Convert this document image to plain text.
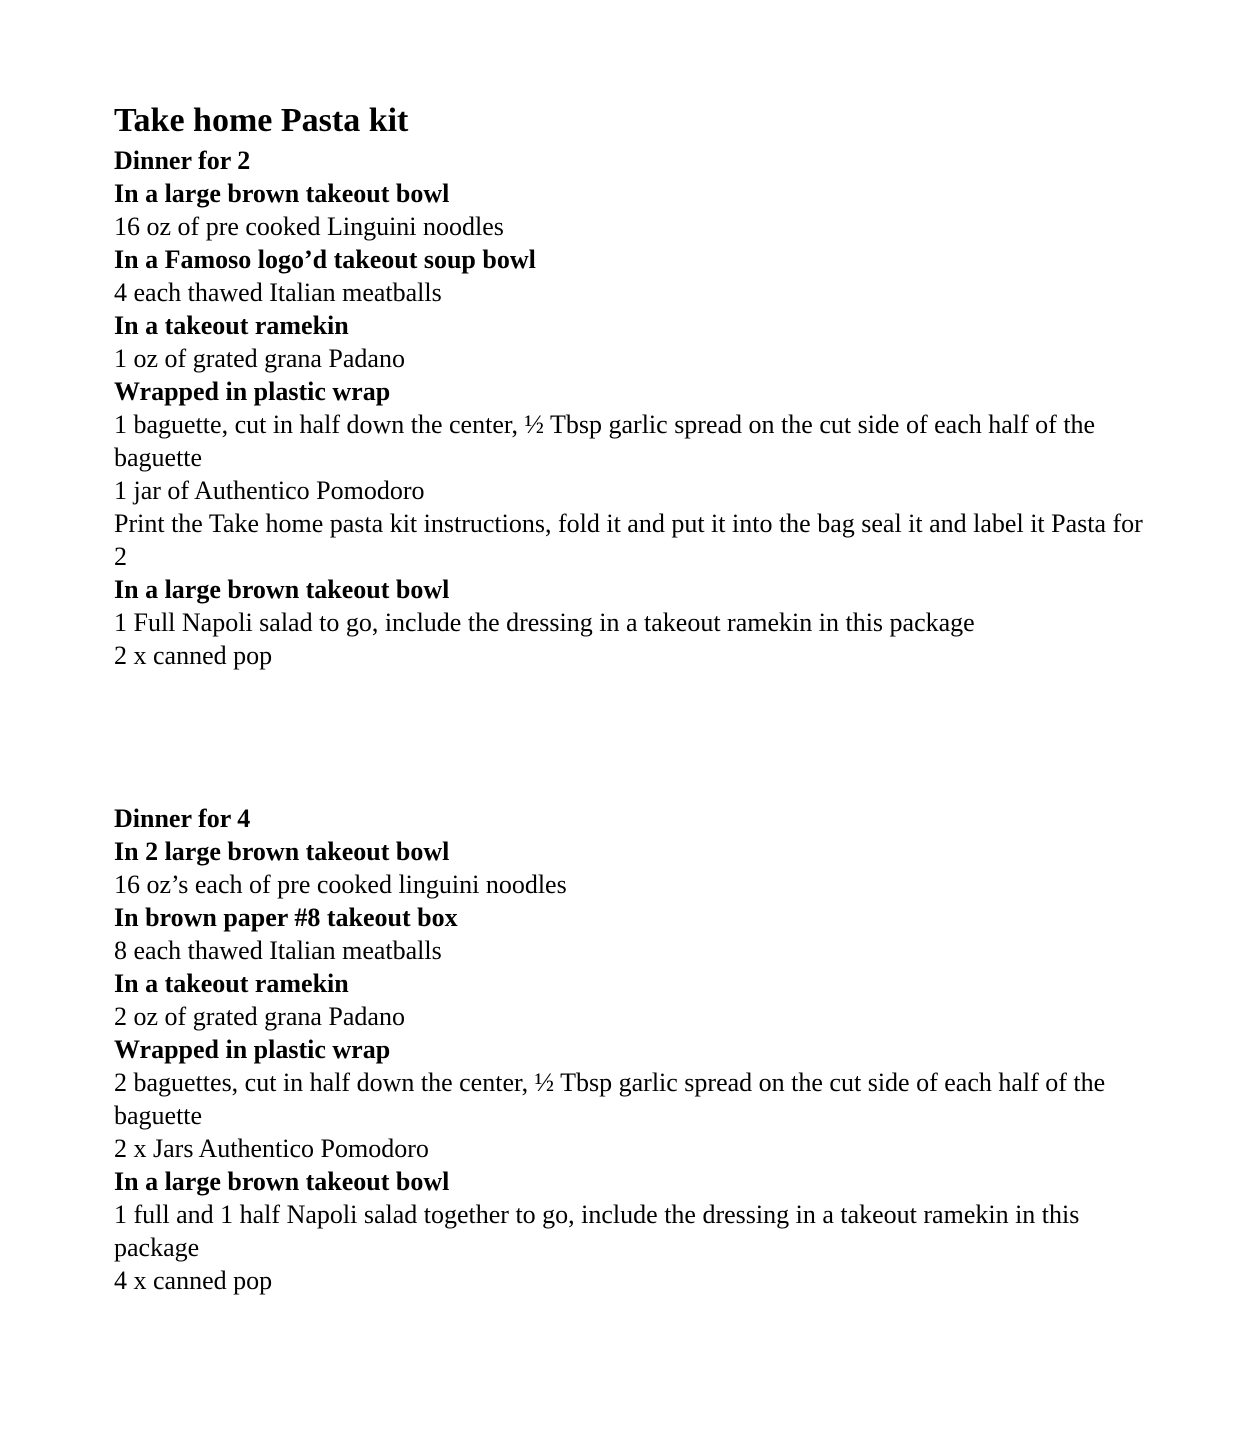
Take home Pasta kit
Dinner for 2
In a large brown takeout bowl
16 oz of pre cooked Linguini noodles
In a Famoso logo’d takeout soup bowl
4 each thawed Italian meatballs
In a takeout ramekin
1 oz of grated grana Padano
Wrapped in plastic wrap
1 baguette, cut in half down the center, ½ Tbsp garlic spread on the cut side of each half of the baguette
1 jar of Authentico Pomodoro
Print the Take home pasta kit instructions, fold it and put it into the bag seal it and label it Pasta for 2
In a large brown takeout bowl
1 Full Napoli salad to go, include the dressing in a takeout ramekin in this package
2 x canned pop
Dinner for 4
In 2 large brown takeout bowl
16 oz’s each of pre cooked linguini noodles
In brown paper #8 takeout box
8 each thawed Italian meatballs
In a takeout ramekin
2 oz of grated grana Padano
Wrapped in plastic wrap
2 baguettes, cut in half down the center, ½ Tbsp garlic spread on the cut side of each half of the baguette
2 x Jars Authentico Pomodoro
In a large brown takeout bowl
1 full and 1 half Napoli salad together to go, include the dressing in a takeout ramekin in this package
4 x canned pop
